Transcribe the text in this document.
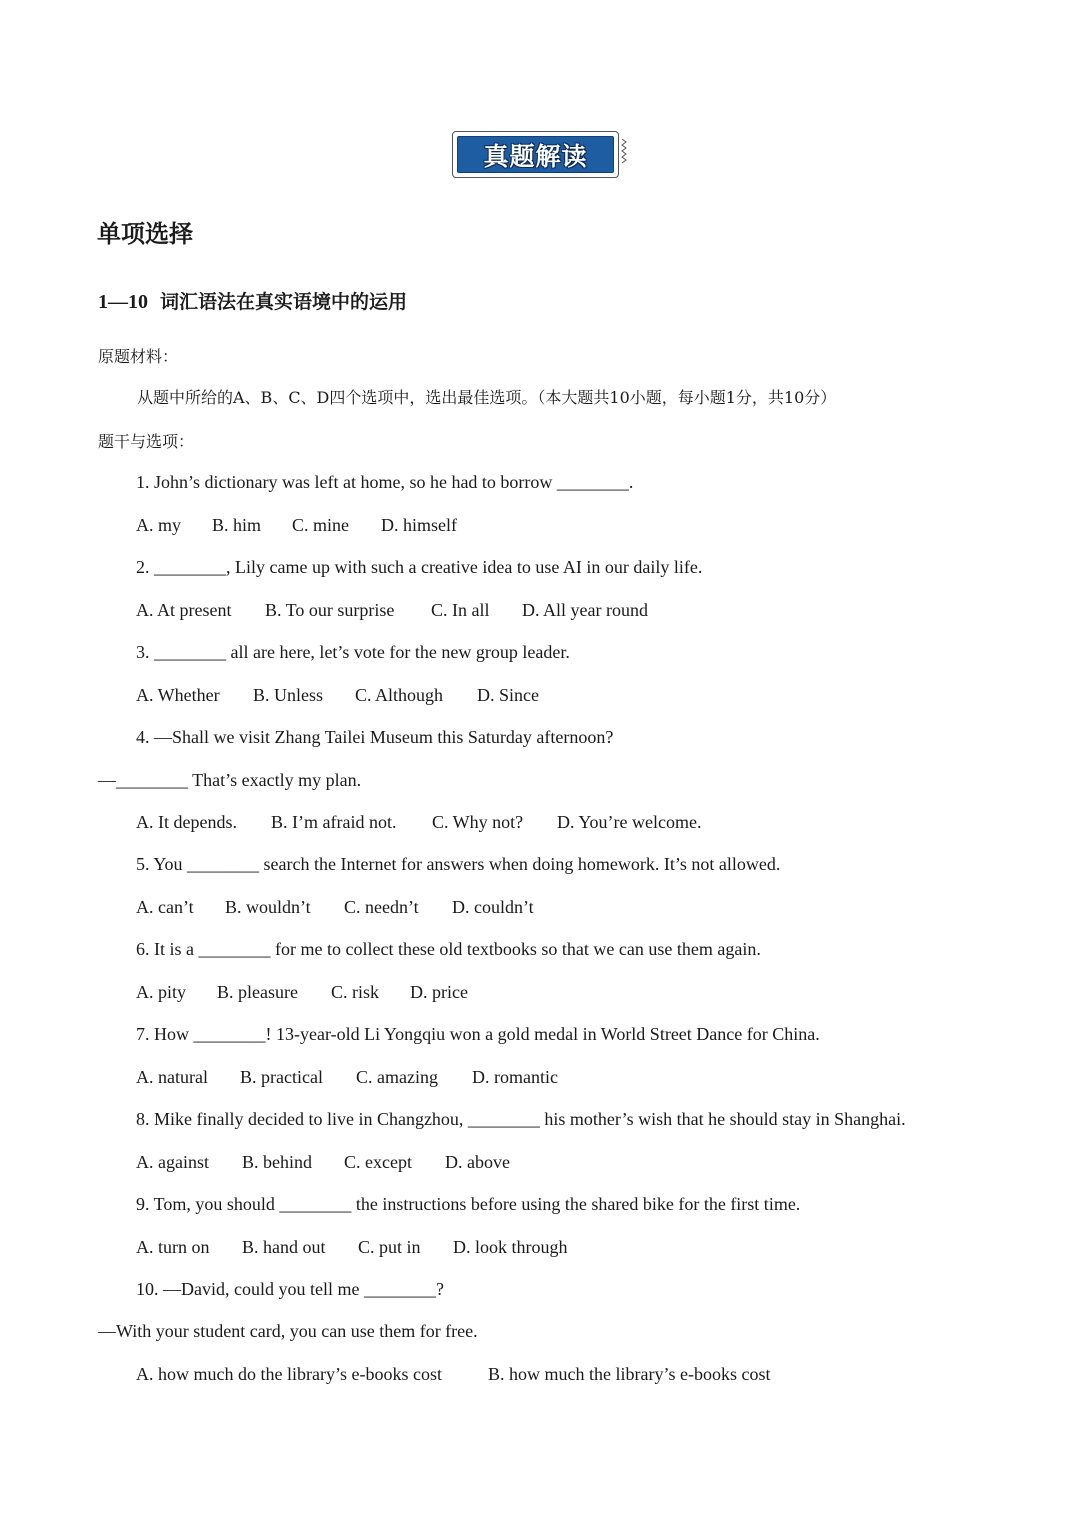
真题解读
单项选择
1—10 词汇语法在真实语境中的运用
原题材料：
从题中所给的A、B、C、D四个选项中，选出最佳选项。（本大题共10小题，每小题1分，共10分）
题干与选项：
1. John’s dictionary was left at home, so he had to borrow ________.
A. my B. him C. mine D. himself
2. ________, Lily came up with such a creative idea to use AI in our daily life.
A. At present B. To our surprise C. In all D. All year round
3. ________ all are here, let’s vote for the new group leader.
A. Whether B. Unless C. Although D. Since
4. —Shall we visit Zhang Tailei Museum this Saturday afternoon?
—________ That’s exactly my plan.
A. It depends. B. I’m afraid not. C. Why not? D. You’re welcome.
5. You ________ search the Internet for answers when doing homework. It’s not allowed.
A. can’t B. wouldn’t C. needn’t D. couldn’t
6. It is a ________ for me to collect these old textbooks so that we can use them again.
A. pity B. pleasure C. risk D. price
7. How ________! 13-year-old Li Yongqiu won a gold medal in World Street Dance for China.
A. natural B. practical C. amazing D. romantic
8. Mike finally decided to live in Changzhou, ________ his mother’s wish that he should stay in Shanghai.
A. against B. behind C. except D. above
9. Tom, you should ________ the instructions before using the shared bike for the first time.
A. turn on B. hand out C. put in D. look through
10. —David, could you tell me ________?
—With your student card, you can use them for free.
A. how much do the library’s e-books cost	B. how much the library’s e-books cost
